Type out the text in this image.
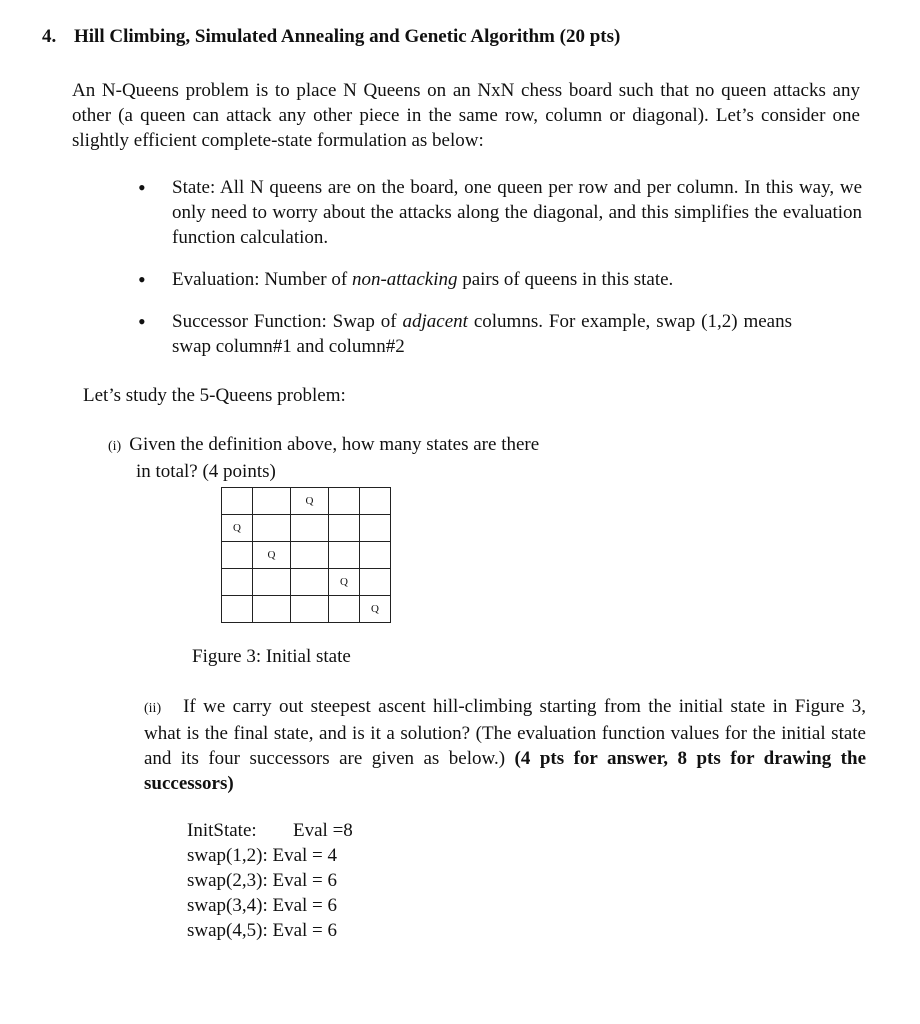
4. Hill Climbing, Simulated Annealing and Genetic Algorithm (20 pts)
An N-Queens problem is to place N Queens on an NxN chess board such that no queen attacks any other (a queen can attack any other piece in the same row, column or diagonal). Let’s consider one slightly efficient complete-state formulation as below:
• State: All N queens are on the board, one queen per row and per column. In this way, we only need to worry about the attacks along the diagonal, and this simplifies the evaluation function calculation.
• Evaluation: Number of non-attacking pairs of queens in this state.
• Successor Function: Swap of adjacent columns. For example, swap (1,2) means swap column#1 and column#2
Let’s study the 5-Queens problem:
(i) Given the definition above, how many states are there
in total? (4 points)
		Q		
Q				
	Q			
			Q	
				Q
Figure 3: Initial state
(ii) If we carry out steepest ascent hill-climbing starting from the initial state in Figure 3, what is the final state, and is it a solution? (The evaluation function values for the initial state and its four successors are given as below.) (4 pts for answer, 8 pts for drawing the successors)
InitState: Eval =8
swap(1,2): Eval = 4
swap(2,3): Eval = 6
swap(3,4): Eval = 6
swap(4,5): Eval = 6
